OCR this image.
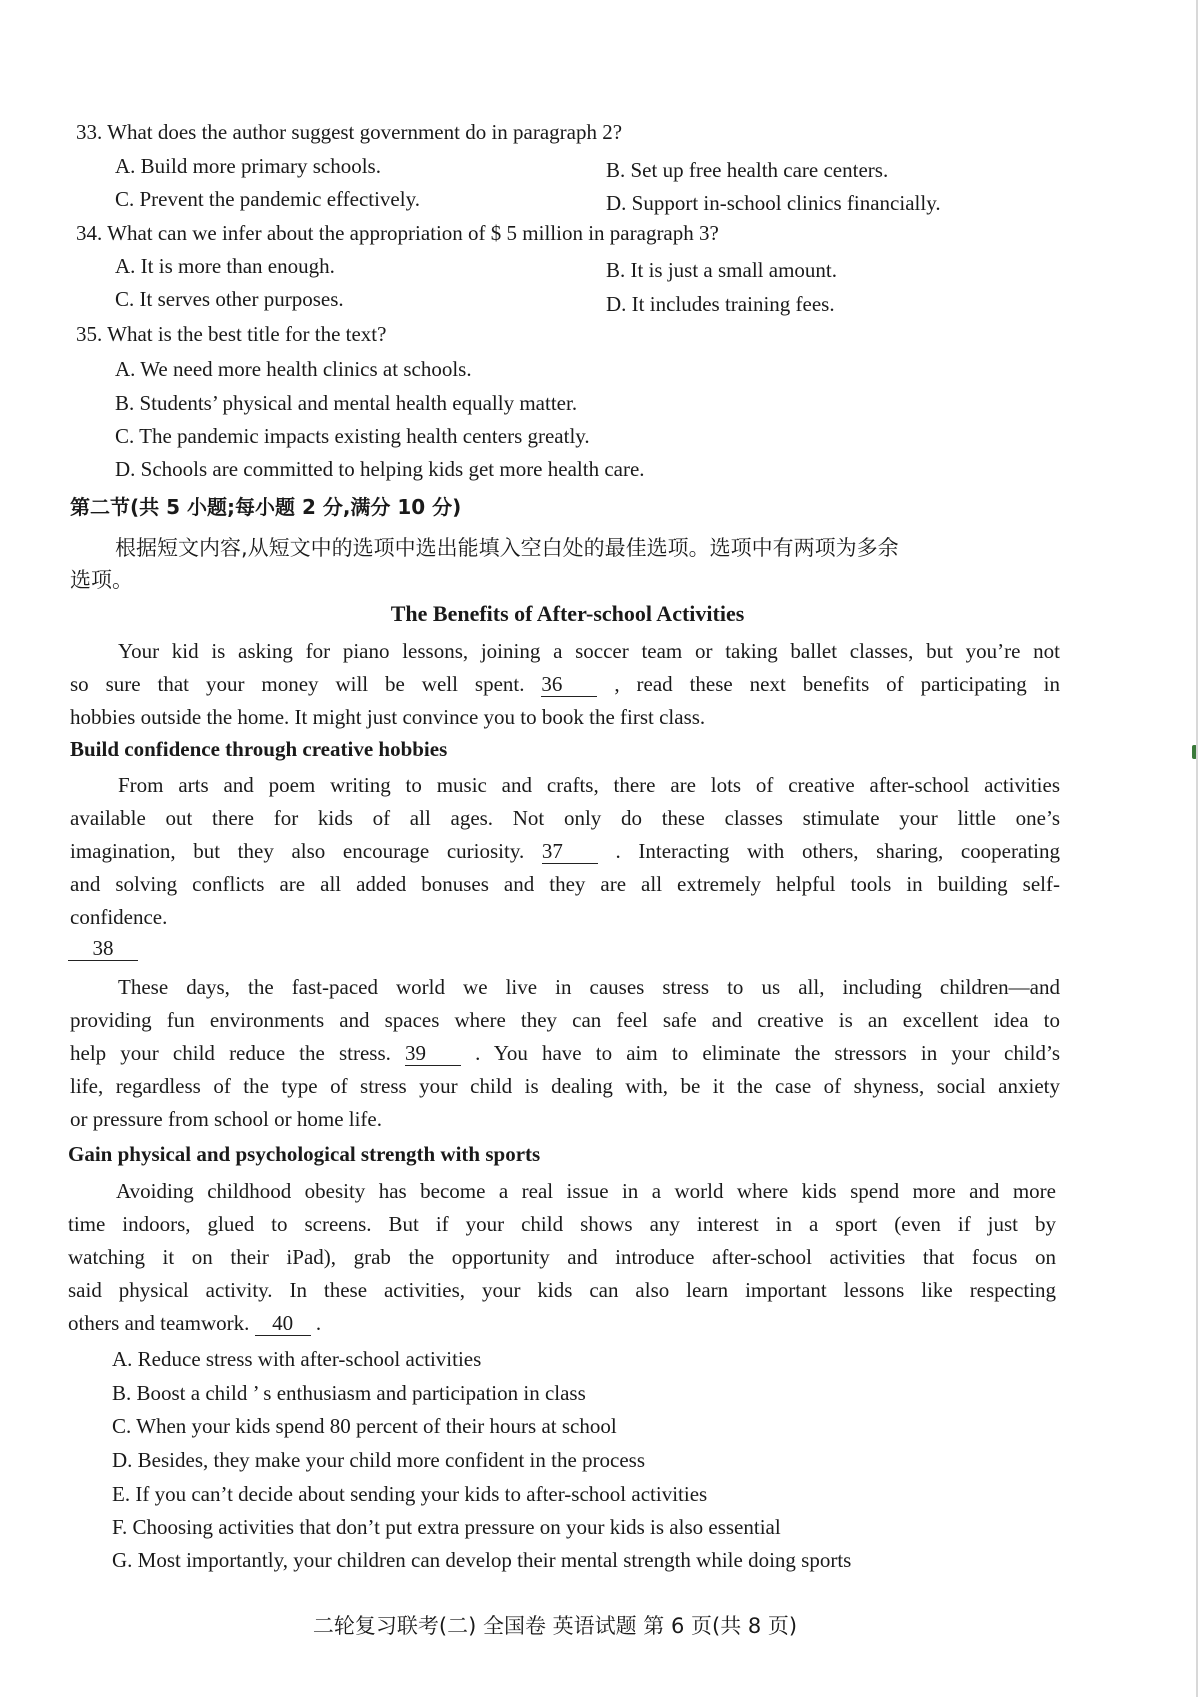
33. What does the author suggest government do in paragraph 2?
A. Build more primary schools.	B. Set up free health care centers.
C. Prevent the pandemic effectively.	D. Support in-school clinics financially.
34. What can we infer about the appropriation of $ 5 million in paragraph 3?
A. It is more than enough.	B. It is just a small amount.
C. It serves other purposes.	D. It includes training fees.
35. What is the best title for the text?
A. We need more health clinics at schools.
B. Students’ physical and mental health equally matter.
C. The pandemic impacts existing health centers greatly.
D. Schools are committed to helping kids get more health care.
第二节(共 5 小题;每小题 2 分,满分 10 分)
根据短文内容,从短文中的选项中选出能填入空白处的最佳选项。选项中有两项为多余
选项。
The Benefits of After-school Activities
Your kid is asking for piano lessons, joining a soccer team or taking ballet classes, but you’re not
so sure that your money will be well spent. 36 , read these next benefits of participating in
hobbies outside the home. It might just convince you to book the first class.
Build confidence through creative hobbies
From arts and poem writing to music and crafts, there are lots of creative after-school activities
available out there for kids of all ages. Not only do these classes stimulate your little one’s
imagination, but they also encourage curiosity. 37 . Interacting with others, sharing, cooperating
and solving conflicts are all added bonuses and they are all extremely helpful tools in building self-
confidence.
38
These days, the fast-paced world we live in causes stress to us all, including children—and
providing fun environments and spaces where they can feel safe and creative is an excellent idea to
help your child reduce the stress. 39 . You have to aim to eliminate the stressors in your child’s
life, regardless of the type of stress your child is dealing with, be it the case of shyness, social anxiety
or pressure from school or home life.
Gain physical and psychological strength with sports
Avoiding childhood obesity has become a real issue in a world where kids spend more and more
time indoors, glued to screens. But if your child shows any interest in a sport (even if just by
watching it on their iPad), grab the opportunity and introduce after-school activities that focus on
said physical activity. In these activities, your kids can also learn important lessons like respecting
others and teamwork. 40 .
A. Reduce stress with after-school activities
B. Boost a child ’ s enthusiasm and participation in class
C. When your kids spend 80 percent of their hours at school
D. Besides, they make your child more confident in the process
E. If you can’t decide about sending your kids to after-school activities
F. Choosing activities that don’t put extra pressure on your kids is also essential
G. Most importantly, your children can develop their mental strength while doing sports
二轮复习联考(二) 全国卷 英语试题 第 6 页(共 8 页)
